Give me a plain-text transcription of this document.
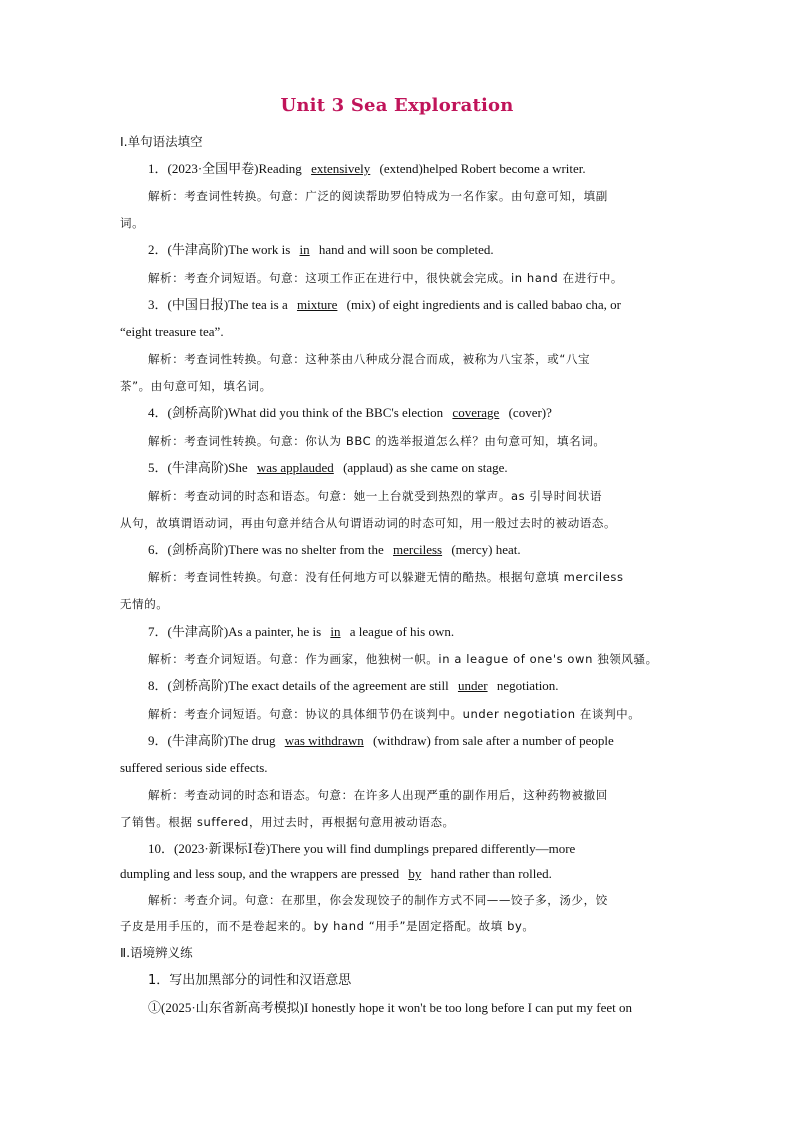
Unit 3 Sea Exploration
Ⅰ.单句语法填空
1．(2023·全国甲卷)Reading extensively (extend)helped Robert become a writer.
解析：考查词性转换。句意：广泛的阅读帮助罗伯特成为一名作家。由句意可知，填副
词。
2．(牛津高阶)The work is in hand and will soon be completed.
解析：考查介词短语。句意：这项工作正在进行中，很快就会完成。in hand 在进行中。
3．(中国日报)The tea is a mixture (mix) of eight ingredients and is called babao cha, or
“eight treasure tea”.
解析：考查词性转换。句意：这种茶由八种成分混合而成，被称为八宝茶，或“八宝
茶”。由句意可知，填名词。
4．(剑桥高阶)What did you think of the BBC's election coverage (cover)?
解析：考查词性转换。句意：你认为 BBC 的选举报道怎么样？由句意可知，填名词。
5．(牛津高阶)She was applauded (applaud) as she came on stage.
解析：考查动词的时态和语态。句意：她一上台就受到热烈的掌声。as 引导时间状语
从句，故填谓语动词，再由句意并结合从句谓语动词的时态可知，用一般过去时的被动语态。
6．(剑桥高阶)There was no shelter from the merciless (mercy) heat.
解析：考查词性转换。句意：没有任何地方可以躲避无情的酷热。根据句意填 merciless
无情的。
7．(牛津高阶)As a painter, he is in a league of his own.
解析：考查介词短语。句意：作为画家，他独树一帜。in a league of one's own 独领风骚。
8．(剑桥高阶)The exact details of the agreement are still under negotiation.
解析：考查介词短语。句意：协议的具体细节仍在谈判中。under negotiation 在谈判中。
9．(牛津高阶)The drug was withdrawn (withdraw) from sale after a number of people
suffered serious side effects.
解析：考查动词的时态和语态。句意：在许多人出现严重的副作用后，这种药物被撤回
了销售。根据 suffered，用过去时，再根据句意用被动语态。
10．(2023·新课标Ⅰ卷)There you will find dumplings prepared differently—more
dumpling and less soup, and the wrappers are pressed by hand rather than rolled.
解析：考查介词。句意：在那里，你会发现饺子的制作方式不同——饺子多，汤少，饺
子皮是用手压的，而不是卷起来的。by hand “用手”是固定搭配。故填 by。
Ⅱ.语境辨义练
1．写出加黑部分的词性和汉语意思
①(2025·山东省新高考模拟)I honestly hope it won't be too long before I can put my feet on
